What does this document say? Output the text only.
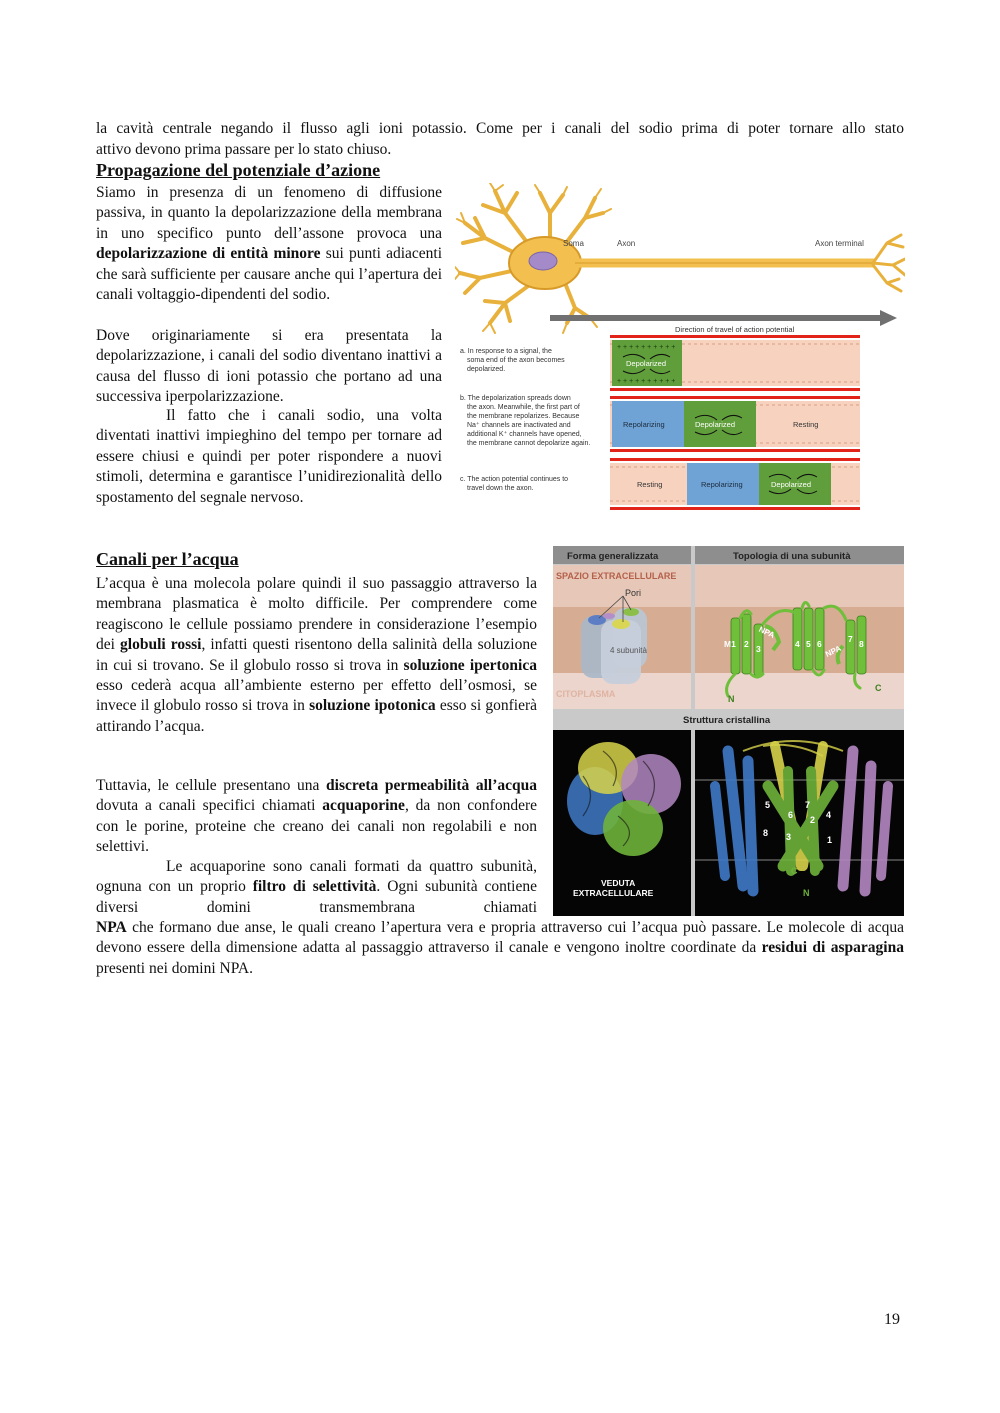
la cavità centrale negando il flusso agli ioni potassio. Come per i canali del sodio prima di poter tornare allo stato

attivo devono prima passare per lo stato chiuso.

Propagazione del potenziale d’azione

Siamo in presenza di un fenomeno di diffusione passiva, in quanto la depolarizzazione della membrana in uno specifico punto dell’assone provoca una depolarizzazione di entità minore sui punti adiacenti che sarà sufficiente per causare anche qui l’apertura dei canali voltaggio-dipendenti del sodio.

Dove originariamente si era presentata la depolarizzazione, i canali del sodio diventano inattivi a causa del flusso di ioni potassio che portano ad una successiva iperpolarizzazione.

Il fatto che i canali sodio, una volta diventati inattivi impieghino del tempo per tornare ad essere chiusi e quindi per poter rispondere a nuovi stimoli, determina e garantisce l’unidirezionalità dello spostamento del segnale nervoso.

Soma	Axon	Axon terminal
Direction of travel of action potential
+ + + + + + + + + +
+ + + + + + + + + +
Depolarized
a. In response to a signal, the
soma end of the axon becomes
depolarized.
Repolarizing	Depolarized	Resting
b. The depolarization spreads down
the axon. Meanwhile, the first part of
the membrane repolarizes. Because
Na⁺ channels are inactivated and
additional K⁺ channels have opened,
the membrane cannot depolarize again.
Resting	Repolarizing	Depolarized
c. The action potential continues to
travel down the axon.
Canali per l’acqua

L’acqua è una molecola polare quindi il suo passaggio attraverso la membrana plasmatica è molto difficile. Per comprendere come reagiscono le cellule possiamo prendere in considerazione l’esempio dei globuli rossi, infatti questi risentono della salinità della soluzione in cui si trovano. Se il globulo rosso si trova in soluzione ipertonica esso cederà acqua all’ambiente esterno per effetto dell’osmosi, se invece il globulo rosso si trova in soluzione ipotonica esso si gonfierà attirando l’acqua.

Tuttavia, le cellule presentano una discreta permeabilità all’acqua dovuta a canali specifici chiamati acquaporine, da non confondere con le porine, proteine che creano dei canali non regolabili e non selettivi.

Le acquaporine sono canali formati da quattro subunità, ognuna con un proprio filtro di selettività. Ogni subunità contiene diversi domini transmembrana chiamati

NPA che formano due anse, le quali creano l’apertura vera e propria attraverso cui l’acqua può passare. Le molecole di acqua devono essere della dimensione adatta al passaggio attraverso il canale e vengono inoltre coordinate da residui di asparagina presenti nei domini NPA.

Forma generalizzata	Topologia di una subunità
SPAZIO EXTRACELLULARE
CITOPLASMA
Pori
4 subunità
M1 2 3	4 5 6	7 8
NPA
NPA
N
C
Struttura cristallina
VEDUTA
EXTRACELLULARE
5	7
6 2 4
8 3	1
C
N
19
